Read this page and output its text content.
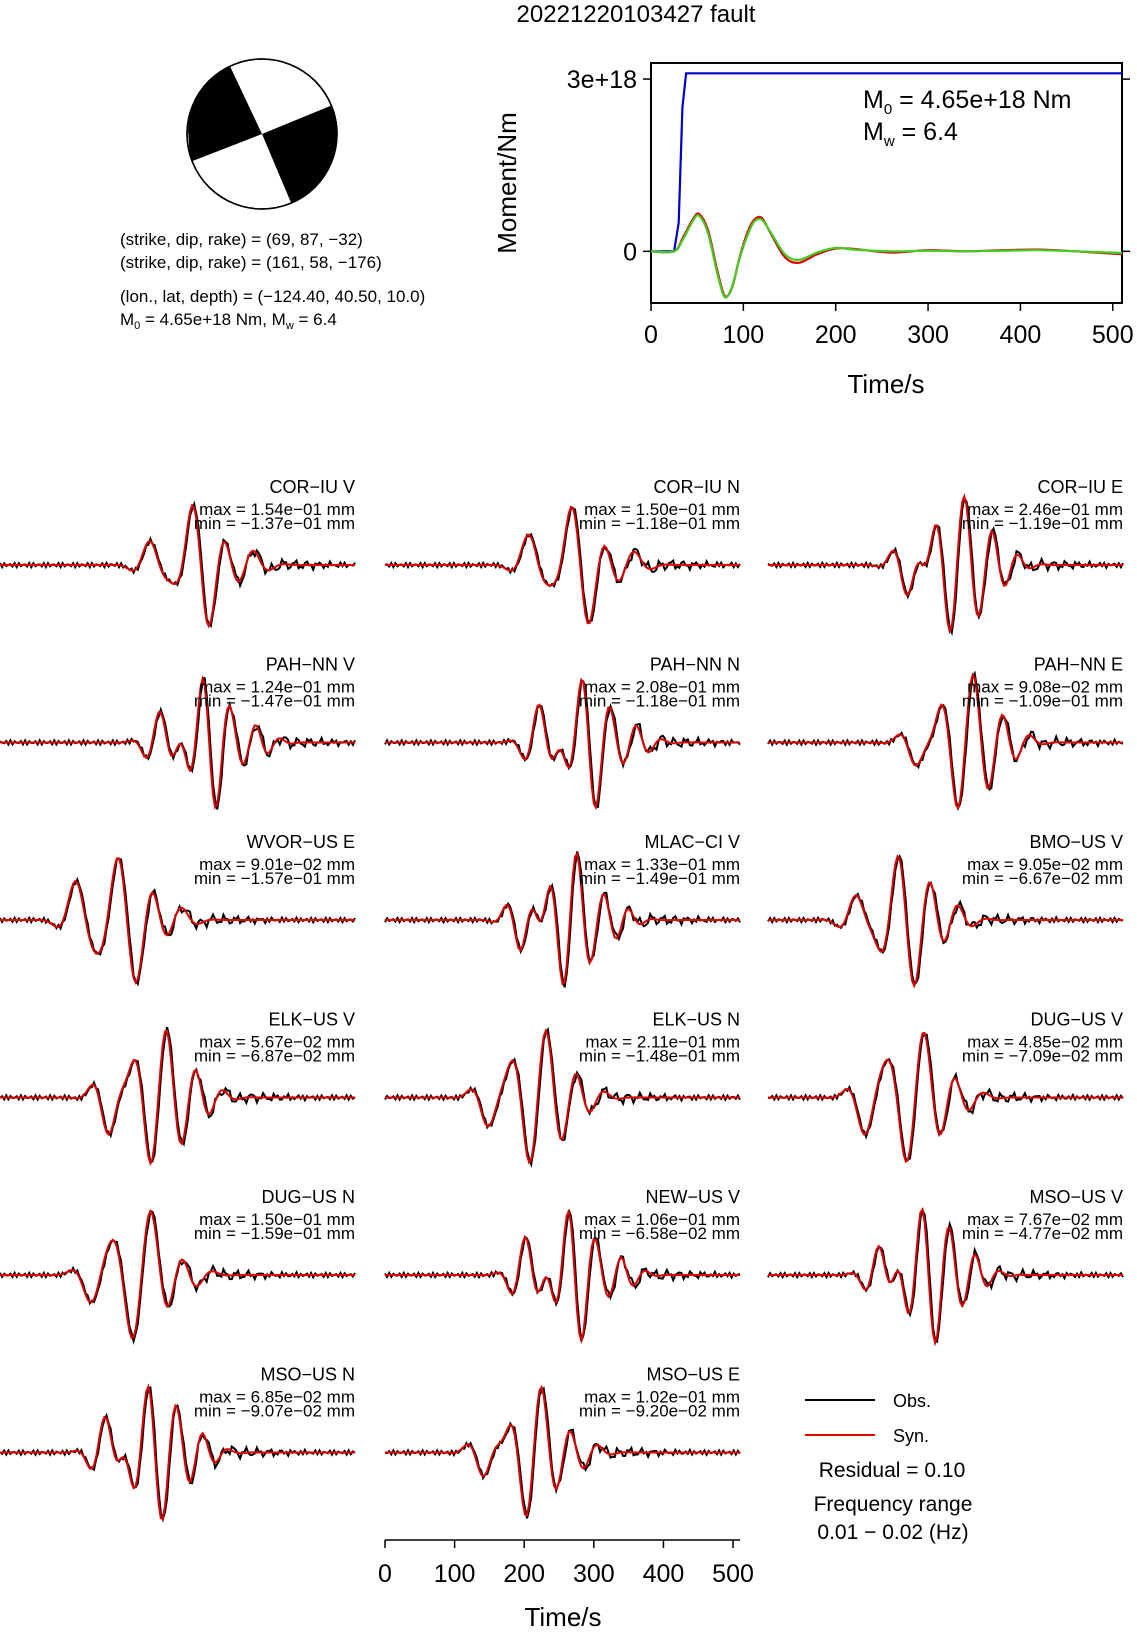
20221220103427 fault
(strike, dip, rake) = (69, 87, −32)
(strike, dip, rake) = (161, 58, −176)
(lon., lat, depth) = (−124.40, 40.50, 10.0)
$M_0 = 4.65e+18$ Nm, $M_w = 6.4$
0	100 200 300 400 500
0
3e+18
Moment/Nm
Time/s
$M_0 = 4.65e+18$ Nm
$M_w = 6.4$
COR−IU V
max = 1.54e−01 mm
min = −1.37e−01 mm
COR−IU N
max = 1.50e−01 mm
min = −1.18e−01 mm
COR−IU E
max = 2.46e−01 mm
min = −1.19e−01 mm
PAH−NN V
max = 1.24e−01 mm
min = −1.47e−01 mm
PAH−NN N
max = 2.08e−01 mm
min = −1.18e−01 mm
PAH−NN E
max = 9.08e−02 mm
min = −1.09e−01 mm
WVOR−US E
max = 9.01e−02 mm
min = −1.57e−01 mm
MLAC−CI V
max = 1.33e−01 mm
min = −1.49e−01 mm
BMO−US V
max = 9.05e−02 mm
min = −6.67e−02 mm
ELK−US V
max = 5.67e−02 mm
min = −6.87e−02 mm
ELK−US N
max = 2.11e−01 mm
min = −1.48e−01 mm
DUG−US V
max = 4.85e−02 mm
min = −7.09e−02 mm
DUG−US N
max = 1.50e−01 mm
min = −1.59e−01 mm
NEW−US V
max = 1.06e−01 mm
min = −6.58e−02 mm
MSO−US V
max = 7.67e−02 mm
min = −4.77e−02 mm
MSO−US N
max = 6.85e−02 mm
min = −9.07e−02 mm
MSO−US E
max = 1.02e−01 mm
min = −9.20e−02 mm
0 100 200 300 400 500
Time/s
Obs.
Syn.
Residual = 0.10
Frequency range
0.01 − 0.02 (Hz)
